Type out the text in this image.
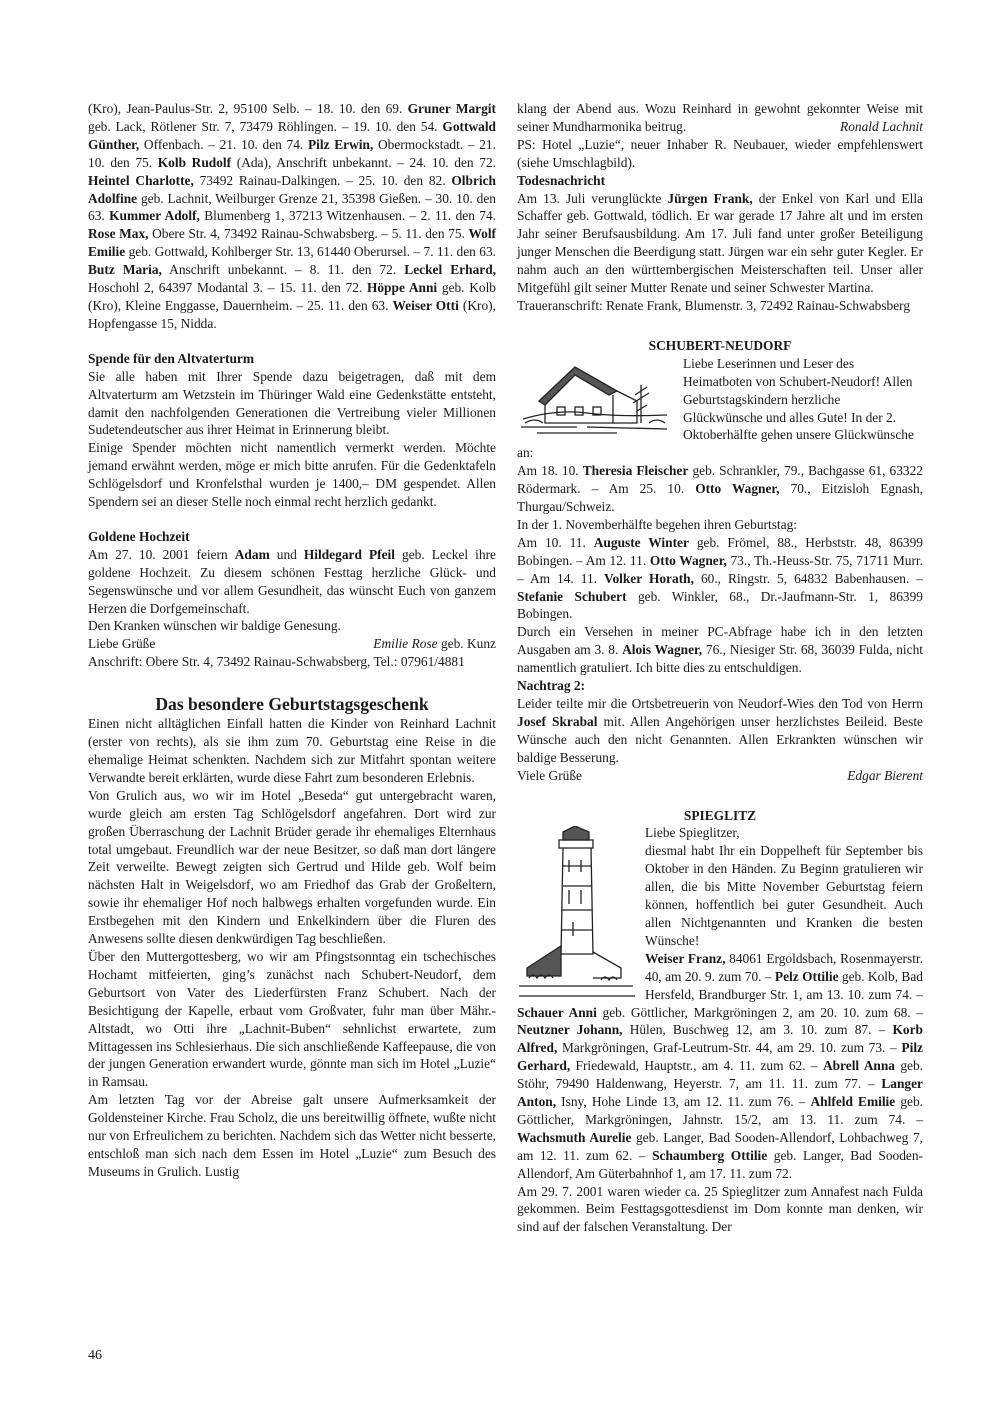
(Kro), Jean-Paulus-Str. 2, 95100 Selb. – 18. 10. den 69. Gruner Margit geb. Lack, Rötlener Str. 7, 73479 Röhlingen. – 19. 10. den 54. Gottwald Günther, Offenbach. – 21. 10. den 74. Pilz Erwin, Obermockstadt. – 21. 10. den 75. Kolb Rudolf (Ada), Anschrift unbekannt. – 24. 10. den 72. Heintel Charlotte, 73492 Rainau-Dalkingen. – 25. 10. den 82. Olbrich Adolfine geb. Lachnit, Weilburger Grenze 21, 35398 Gießen. – 30. 10. den 63. Kummer Adolf, Blumenberg 1, 37213 Witzenhausen. – 2. 11. den 74. Rose Max, Obere Str. 4, 73492 Rainau-Schwabsberg. – 5. 11. den 75. Wolf Emilie geb. Gottwald, Kohlberger Str. 13, 61440 Oberursel. – 7. 11. den 63. Butz Maria, Anschrift unbekannt. – 8. 11. den 72. Leckel Erhard, Hoschohl 2, 64397 Modantal 3. – 15. 11. den 72. Höppe Anni geb. Kolb (Kro), Kleine Enggasse, Dauernheim. – 25. 11. den 63. Weiser Otti (Kro), Hopfengasse 15, Nidda.

Spende für den Altvaterturm

Sie alle haben mit Ihrer Spende dazu beigetragen, daß mit dem Altvaterturm am Wetzstein im Thüringer Wald eine Gedenkstätte entsteht, damit den nachfolgenden Generationen die Vertreibung vieler Millionen Sudetendeutscher aus ihrer Heimat in Erinnerung bleibt.

Einige Spender möchten nicht namentlich vermerkt werden. Möchte jemand erwähnt werden, möge er mich bitte anrufen. Für die Gedenktafeln Schlögelsdorf und Kronfelsthal wurden je 1400,– DM gespendet. Allen Spendern sei an dieser Stelle noch einmal recht herzlich gedankt.

Goldene Hochzeit

Am 27. 10. 2001 feiern Adam und Hildegard Pfeil geb. Leckel ihre goldene Hochzeit. Zu diesem schönen Festtag herzliche Glück- und Segenswünsche und vor allem Gesundheit, das wünscht Euch von ganzem Herzen die Dorfgemeinschaft.

Den Kranken wünschen wir baldige Genesung.

Liebe Grüße	Emilie Rose geb. Kunz

Anschrift: Obere Str. 4, 73492 Rainau-Schwabsberg, Tel.: 07961/4881

Das besondere Geburtstagsgeschenk

Einen nicht alltäglichen Einfall hatten die Kinder von Reinhard Lachnit (erster von rechts), als sie ihm zum 70. Geburtstag eine Reise in die ehemalige Heimat schenkten. Nachdem sich zur Mitfahrt spontan weitere Verwandte bereit erklärten, wurde diese Fahrt zum besonderen Erlebnis.

Von Grulich aus, wo wir im Hotel „Beseda“ gut untergebracht waren, wurde gleich am ersten Tag Schlögelsdorf angefahren. Dort wird zur großen Überraschung der Lachnit Brüder gerade ihr ehemaliges Elternhaus total umgebaut. Freundlich war der neue Besitzer, so daß man dort längere Zeit verweilte. Bewegt zeigten sich Gertrud und Hilde geb. Wolf beim nächsten Halt in Weigelsdorf, wo am Friedhof das Grab der Großeltern, sowie ihr ehemaliger Hof noch halbwegs erhalten vorgefunden wurde. Ein Erstbegehen mit den Kindern und Enkelkindern über die Fluren des Anwesens sollte diesen denkwürdigen Tag beschließen.

Über den Muttergottesberg, wo wir am Pfingstsonntag ein tschechisches Hochamt mitfeierten, ging’s zunächst nach Schubert-Neudorf, dem Geburtsort von Vater des Liederfürsten Franz Schubert. Nach der Besichtigung der Kapelle, erbaut vom Großvater, fuhr man über Mähr.-Altstadt, wo Otti ihre „Lachnit-Buben“ sehnlichst erwartete, zum Mittagessen ins Schlesierhaus. Die sich anschließende Kaffeepause, die von der jungen Generation erwandert wurde, gönnte man sich im Hotel „Luzie“ in Ramsau.

Am letzten Tag vor der Abreise galt unsere Aufmerksamkeit der Goldensteiner Kirche. Frau Scholz, die uns bereitwillig öffnete, wußte nicht nur von Erfreulichem zu berichten. Nachdem sich das Wetter nicht besserte, entschloß man sich nach dem Essen im Hotel „Luzie“ zum Besuch des Museums in Grulich. Lustig

klang der Abend aus. Wozu Reinhard in gewohnt gekonnter Weise mit seiner Mundharmonika beitrug.	Ronald Lachnit

PS: Hotel „Luzie“, neuer Inhaber R. Neubauer, wieder empfehlenswert (siehe Umschlagbild).

Todesnachricht

Am 13. Juli verunglückte Jürgen Frank, der Enkel von Karl und Ella Schaffer geb. Gottwald, tödlich. Er war gerade 17 Jahre alt und im ersten Jahr seiner Berufsausbildung. Am 17. Juli fand unter großer Beteiligung junger Menschen die Beerdigung statt. Jürgen war ein sehr guter Kegler. Er nahm auch an den württembergischen Meisterschaften teil. Unser aller Mitgefühl gilt seiner Mutter Renate und seiner Schwester Martina.

Traueranschrift: Renate Frank, Blumenstr. 3, 72492 Rainau-Schwabsberg

SCHUBERT-NEUDORF

Liebe Leserinnen und Leser des Heimatboten von Schubert-Neudorf! Allen Geburtstagskindern herzliche Glückwünsche und alles Gute! In der 2. Oktoberhälfte gehen unsere Glückwünsche an:

Am 18. 10. Theresia Fleischer geb. Schrankler, 79., Bachgasse 61, 63322 Rödermark. – Am 25. 10. Otto Wagner, 70., Eitzisloh Egnash, Thurgau/Schweiz.

In der 1. Novemberhälfte begehen ihren Geburtstag:

Am 10. 11. Auguste Winter geb. Frömel, 88., Herbststr. 48, 86399 Bobingen. – Am 12. 11. Otto Wagner, 73., Th.-Heuss-Str. 75, 71711 Murr. – Am 14. 11. Volker Horath, 60., Ringstr. 5, 64832 Babenhausen. – Stefanie Schubert geb. Winkler, 68., Dr.-Jaufmann-Str. 1, 86399 Bobingen.

Durch ein Versehen in meiner PC-Abfrage habe ich in den letzten Ausgaben am 3. 8. Alois Wagner, 76., Niesiger Str. 68, 36039 Fulda, nicht namentlich gratuliert. Ich bitte dies zu entschuldigen.

Nachtrag 2:

Leider teilte mir die Ortsbetreuerin von Neudorf-Wies den Tod von Herrn Josef Skrabal mit. Allen Angehörigen unser herzlichstes Beileid. Beste Wünsche auch den nicht Genannten. Allen Erkrankten wünschen wir baldige Besserung.

Viele Grüße	Edgar Bierent

SPIEGLITZ

Liebe Spieglitzer,

diesmal habt Ihr ein Doppelheft für September bis Oktober in den Händen. Zu Beginn gratulieren wir allen, die bis Mitte November Geburtstag feiern können, hoffentlich bei guter Gesundheit. Auch allen Nichtgenannten und Kranken die besten Wünsche!

Weiser Franz, 84061 Ergoldsbach, Rosenmayerstr. 40, am 20. 9. zum 70. – Pelz Ottilie geb. Kolb, Bad Hersfeld, Brandburger Str. 1, am 13. 10. zum 74. – Schauer Anni geb. Göttlicher, Markgröningen 2, am 20. 10. zum 68. – Neutzner Johann, Hülen, Buschweg 12, am 3. 10. zum 87. – Korb Alfred, Markgröningen, Graf-Leutrum-Str. 44, am 29. 10. zum 73. – Pilz Gerhard, Friedewald, Hauptstr., am 4. 11. zum 62. – Abrell Anna geb. Stöhr, 79490 Haldenwang, Heyerstr. 7, am 11. 11. zum 77. – Langer Anton, Isny, Hohe Linde 13, am 12. 11. zum 76. – Ahlfeld Emilie geb. Göttlicher, Markgröningen, Jahnstr. 15/2, am 13. 11. zum 74. – Wachsmuth Aurelie geb. Langer, Bad Sooden-Allendorf, Lohbachweg 7, am 12. 11. zum 62. – Schaumberg Ottilie geb. Langer, Bad Sooden-Allendorf, Am Güterbahnhof 1, am 17. 11. zum 72.

Am 29. 7. 2001 waren wieder ca. 25 Spieglitzer zum Annafest nach Fulda gekommen. Beim Festtagsgottesdienst im Dom konnte man denken, wir sind auf der falschen Veranstaltung. Der

46
